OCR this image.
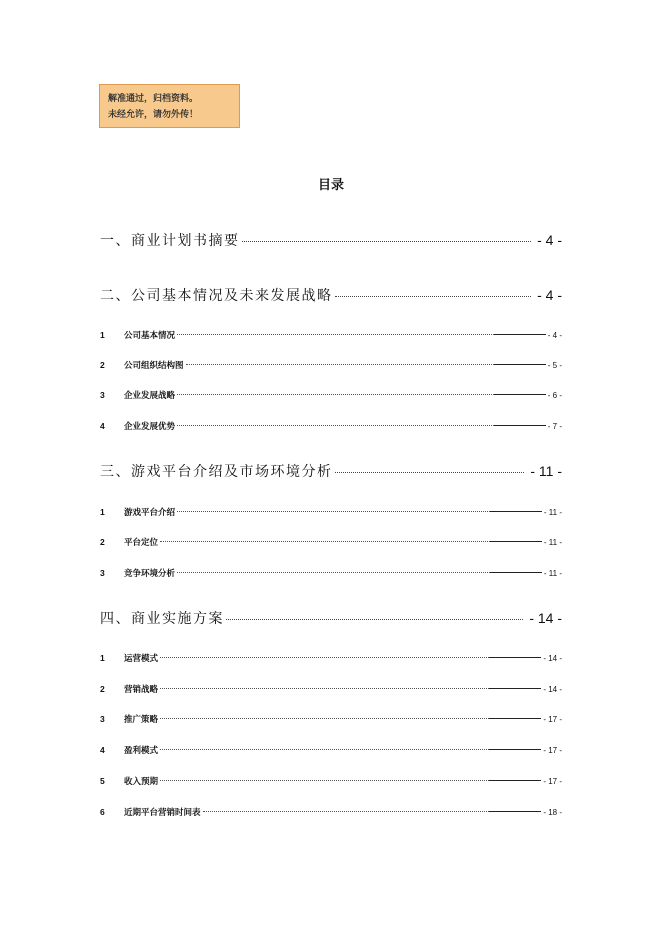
解准通过，归档资料。
未经允许，请勿外传！
目录
一、商业计划书摘要	- 4 -
二、公司基本情况及未来发展战略	- 4 -
1	公司基本情况	- 4 -
2	公司组织结构图	- 5 -
3	企业发展战略	- 6 -
4	企业发展优势	- 7 -
三、游戏平台介绍及市场环境分析	- 11 -
1	游戏平台介绍	- 11 -
2	平台定位	- 11 -
3	竞争环境分析	- 11 -
四、商业实施方案	- 14 -
1	运营模式	- 14 -
2	营销战略	- 14 -
3	推广策略	- 17 -
4	盈利模式	- 17 -
5	收入预期	- 17 -
6	近期平台营销时间表	- 18 -
